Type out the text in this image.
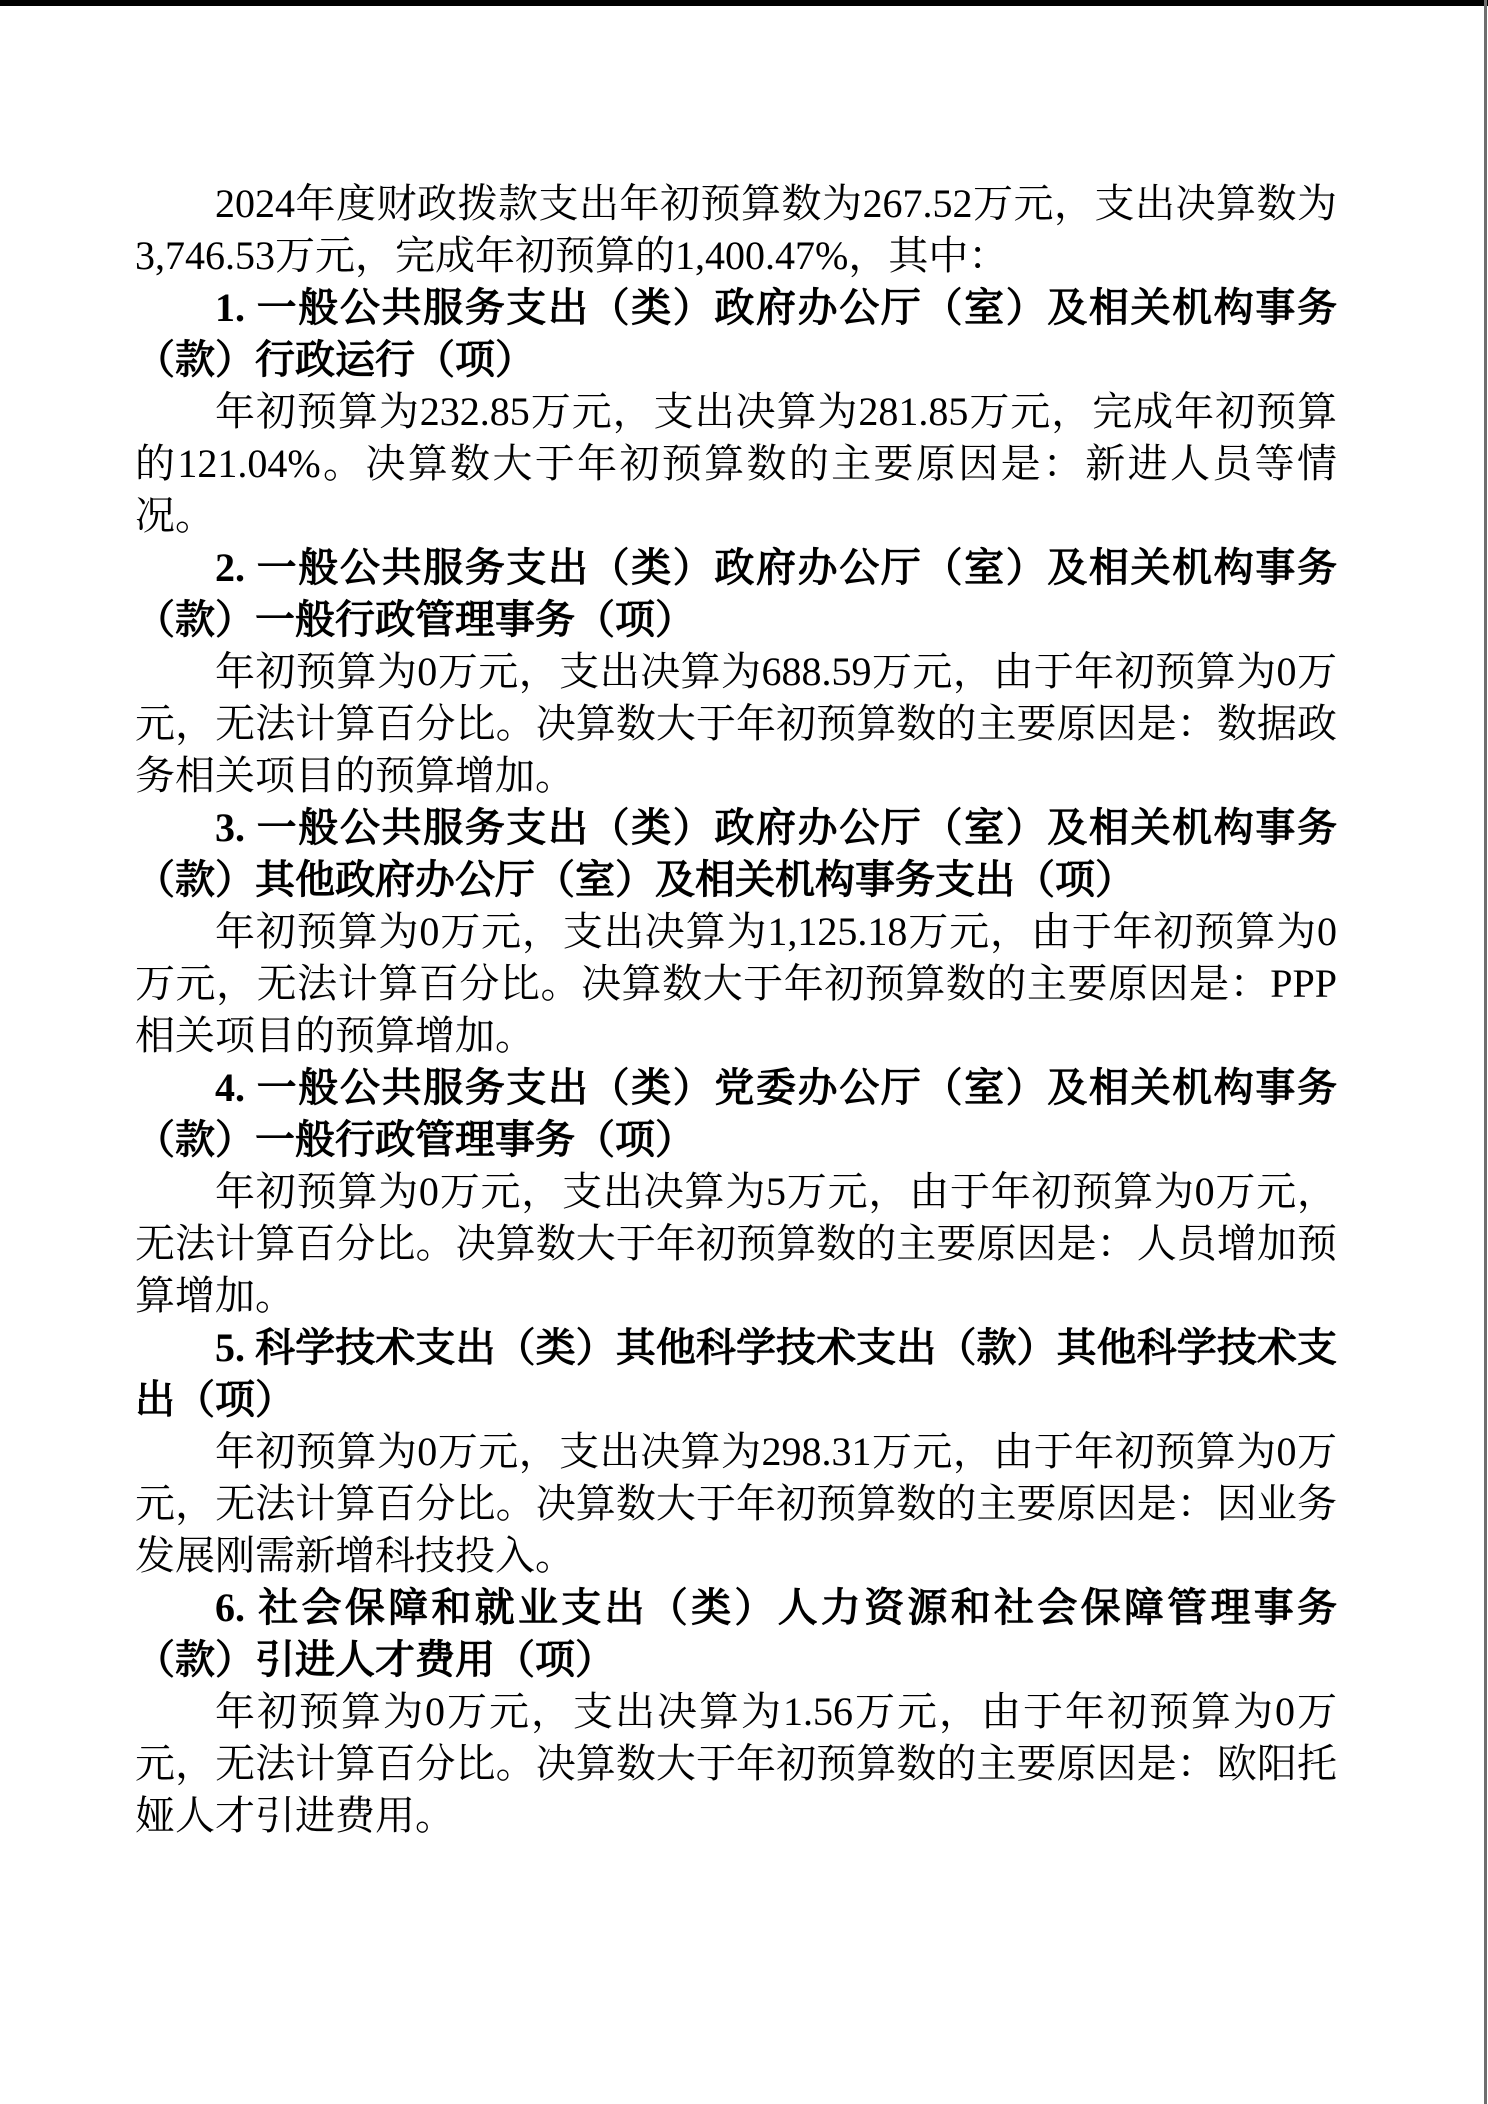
2024年度财政拨款支出年初预算数为267.52万元，支出决算数为3,746.53万元，完成年初预算的1,400.47%，其中：

1. 一般公共服务支出（类）政府办公厅（室）及相关机构事务（款）行政运行（项）

年初预算为232.85万元，支出决算为281.85万元，完成年初预算的121.04%。决算数大于年初预算数的主要原因是：新进人员等情况。

2. 一般公共服务支出（类）政府办公厅（室）及相关机构事务（款）一般行政管理事务（项）

年初预算为0万元，支出决算为688.59万元，由于年初预算为0万元，无法计算百分比。决算数大于年初预算数的主要原因是：数据政务相关项目的预算增加。

3. 一般公共服务支出（类）政府办公厅（室）及相关机构事务（款）其他政府办公厅（室）及相关机构事务支出（项）

年初预算为0万元，支出决算为1,125.18万元，由于年初预算为0万元，无法计算百分比。决算数大于年初预算数的主要原因是：PPP相关项目的预算增加。

4. 一般公共服务支出（类）党委办公厅（室）及相关机构事务（款）一般行政管理事务（项）

年初预算为0万元，支出决算为5万元，由于年初预算为0万元，无法计算百分比。决算数大于年初预算数的主要原因是：人员增加预算增加。

5. 科学技术支出（类）其他科学技术支出（款）其他科学技术支出（项）

年初预算为0万元，支出决算为298.31万元，由于年初预算为0万元，无法计算百分比。决算数大于年初预算数的主要原因是：因业务发展刚需新增科技投入。

6. 社会保障和就业支出（类）人力资源和社会保障管理事务（款）引进人才费用（项）

年初预算为0万元，支出决算为1.56万元，由于年初预算为0万元，无法计算百分比。决算数大于年初预算数的主要原因是：欧阳托娅人才引进费用。
